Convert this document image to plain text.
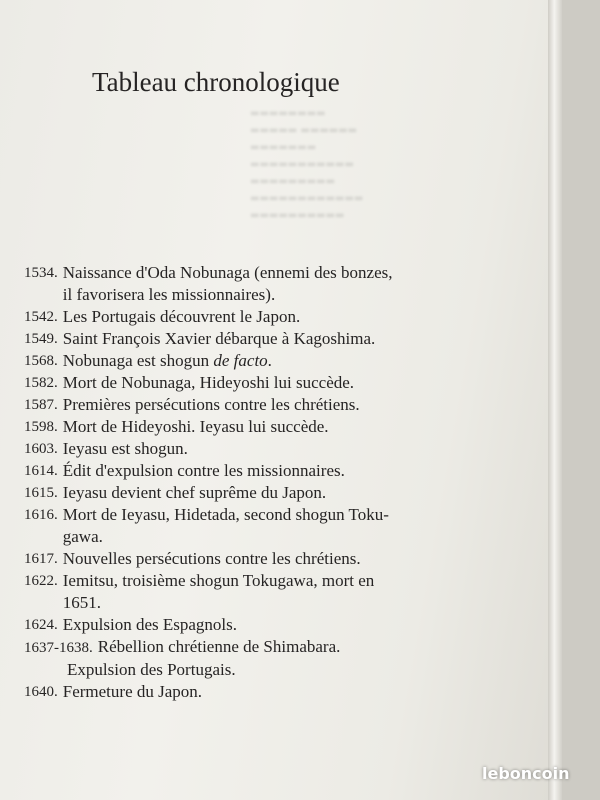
Tableau chronologique
1534. Naissance d'Oda Nobunaga (ennemi des bonzes,
il favorisera les missionnaires).
1542. Les Portugais découvrent le Japon.
1549. Saint François Xavier débarque à Kagoshima.
1568. Nobunaga est shogun de facto.
1582. Mort de Nobunaga, Hideyoshi lui succède.
1587. Premières persécutions contre les chrétiens.
1598. Mort de Hideyoshi. Ieyasu lui succède.
1603. Ieyasu est shogun.
1614. Édit d'expulsion contre les missionnaires.
1615. Ieyasu devient chef suprême du Japon.
1616. Mort de Ieyasu, Hidetada, second shogun Toku-
gawa.
1617. Nouvelles persécutions contre les chrétiens.
1622. Iemitsu, troisième shogun Tokugawa, mort en
1651.
1624. Expulsion des Espagnols.
1637-1638. Rébellion chrétienne de Shimabara.
Expulsion des Portugais.
1640. Fermeture du Japon.
leboncoin
